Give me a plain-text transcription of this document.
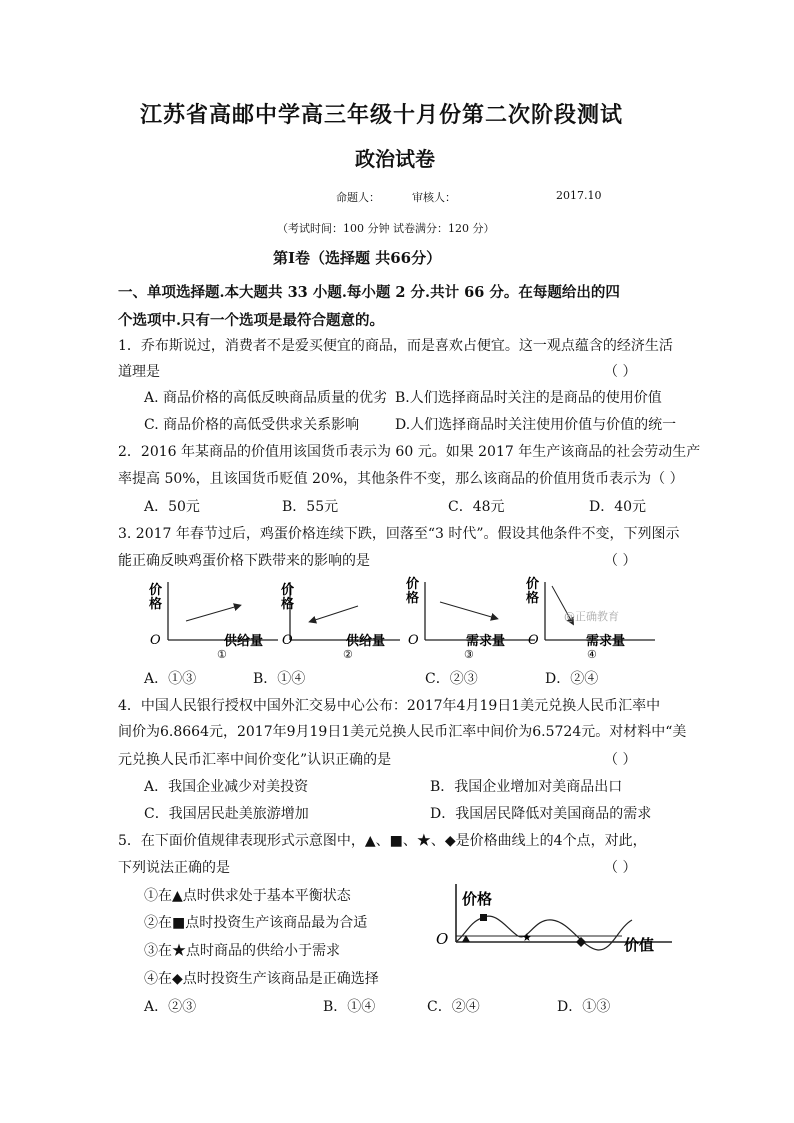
江苏省高邮中学高三年级十月份第二次阶段测试
政治试卷
命题人：	审核人：	2017.10
（考试时间：100 分钟 试卷满分：120 分）
第Ⅰ卷（选择题 共66分）
一、单项选择题.本大题共 33 小题.每小题 2 分.共计 66 分。在每题给出的四
个选项中.只有一个选项是最符合题意的。
1．乔布斯说过，消费者不是爱买便宜的商品，而是喜欢占便宜。这一观点蕴含的经济生活
道理是	（ ）
A. 商品价格的高低反映商品质量的优劣 B.人们选择商品时关注的是商品的使用价值
C. 商品价格的高低受供求关系影响	D.人们选择商品时关注使用价值与价值的统一
2．2016 年某商品的价值用该国货币表示为 60 元。如果 2017 年生产该商品的社会劳动生产
率提高 50%，且该国货币贬值 20%，其他条件不变，那么该商品的价值用货币表示为（ ）
A．50元	B．55元	C．48元	D．40元
3. 2017 年春节过后，鸡蛋价格连续下跌，回落至“3 时代”。假设其他条件不变，下列图示
能正确反映鸡蛋价格下跌带来的影响的是	（ ）
价
格
O	供给量
①
价
格
O	供给量
②
价
格
O	需求量
③
价
格
O	需求量
④
@正确教育
A．①③	B．①④	C．②③	D．②④
4．中国人民银行授权中国外汇交易中心公布：2017年4月19日1美元兑换人民币汇率中
间价为6.8664元，2017年9月19日1美元兑换人民币汇率中间价为6.5724元。对材料中“美
元兑换人民币汇率中间价变化”认识正确的是	（ ）
A．我国企业减少对美投资	B．我国企业增加对美商品出口
C．我国居民赴美旅游增加	D．我国居民降低对美国商品的需求
5．在下面价值规律表现形式示意图中，▲、■、★、◆是价格曲线上的4个点，对此，
下列说法正确的是	（ ）
①在▲点时供求处于基本平衡状态
②在■点时投资生产该商品最为合适
③在★点时商品的供给小于需求
④在◆点时投资生产该商品是正确选择
价格
O	价值
★
A．②③	B．①④	C．②④	D．①③
